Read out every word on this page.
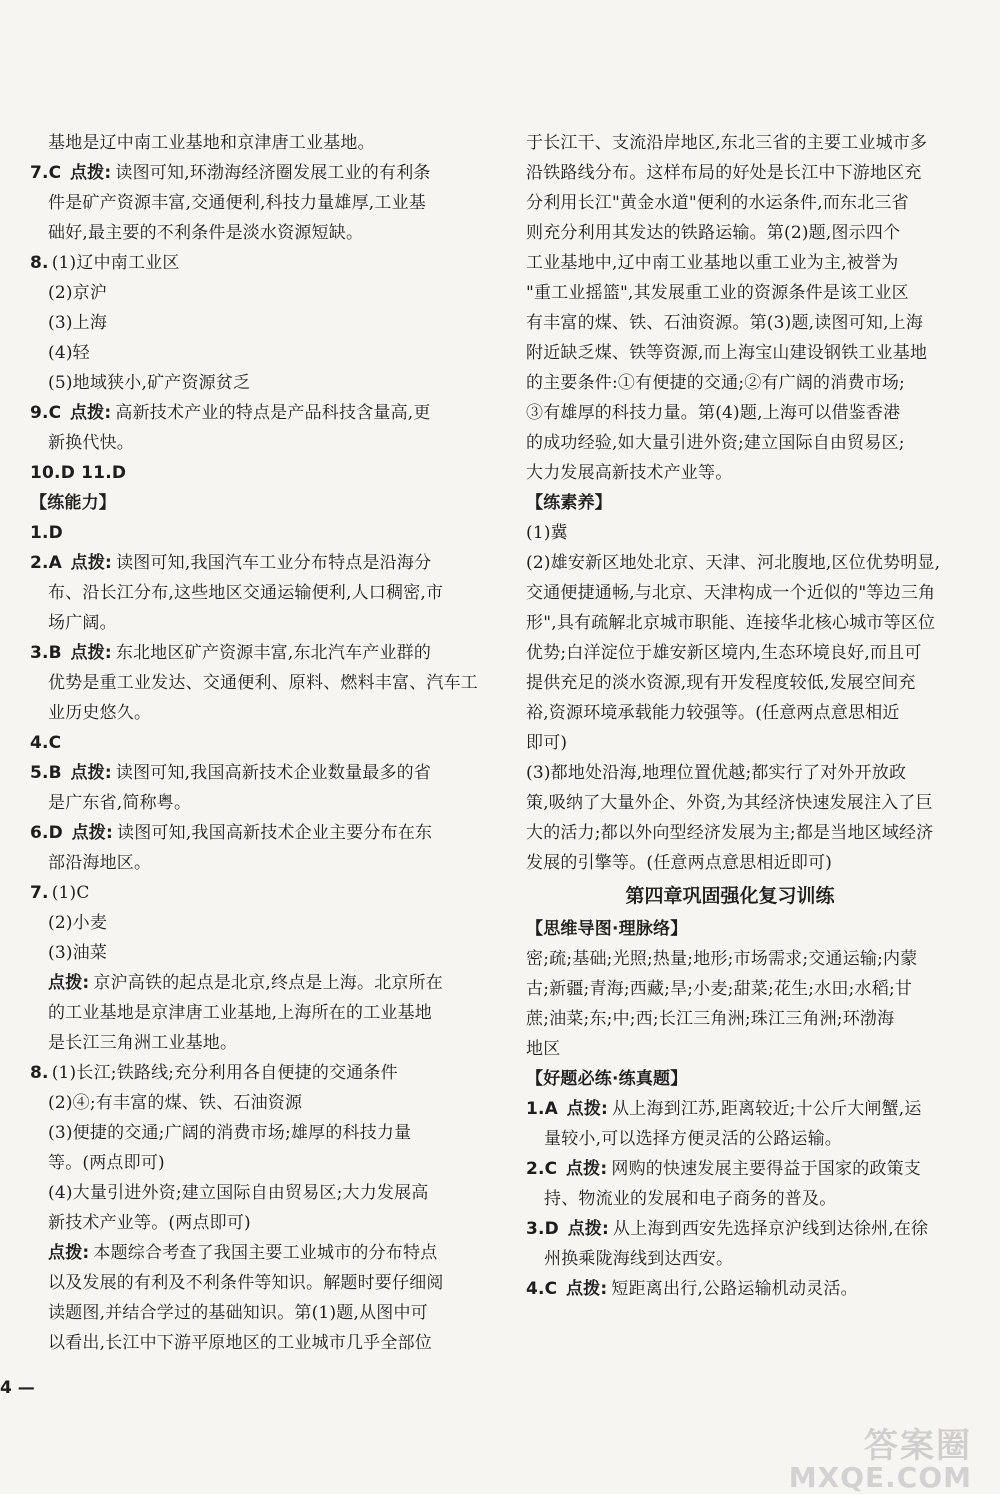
基地是辽中南工业基地和京津唐工业基地。
7.C 点拨: 读图可知,环渤海经济圈发展工业的有利条
件是矿产资源丰富,交通便利,科技力量雄厚,工业基
础好,最主要的不利条件是淡水资源短缺。
8. (1)辽中南工业区
(2)京沪
(3)上海
(4)轻
(5)地域狭小,矿产资源贫乏
9.C 点拨: 高新技术产业的特点是产品科技含量高,更
新换代快。
10.D 11.D
【练能力】
1.D
2.A 点拨: 读图可知,我国汽车工业分布特点是沿海分
布、沿长江分布,这些地区交通运输便利,人口稠密,市
场广阔。
3.B 点拨: 东北地区矿产资源丰富,东北汽车产业群的
优势是重工业发达、交通便利、原料、燃料丰富、汽车工
业历史悠久。
4.C
5.B 点拨: 读图可知,我国高新技术企业数量最多的省
是广东省,简称粤。
6.D 点拨: 读图可知,我国高新技术企业主要分布在东
部沿海地区。
7. (1)C
(2)小麦
(3)油菜
点拨: 京沪高铁的起点是北京,终点是上海。北京所在
的工业基地是京津唐工业基地,上海所在的工业基地
是长江三角洲工业基地。
8. (1)长江;铁路线;充分利用各自便捷的交通条件
(2)④;有丰富的煤、铁、石油资源
(3)便捷的交通;广阔的消费市场;雄厚的科技力量
等。(两点即可)
(4)大量引进外资;建立国际自由贸易区;大力发展高
新技术产业等。(两点即可)
点拨: 本题综合考查了我国主要工业城市的分布特点
以及发展的有利及不利条件等知识。解题时要仔细阅
读题图,并结合学过的基础知识。第(1)题,从图中可
以看出,长江中下游平原地区的工业城市几乎全部位
于长江干、支流沿岸地区,东北三省的主要工业城市多
沿铁路线分布。这样布局的好处是长江中下游地区充
分利用长江"黄金水道"便利的水运条件,而东北三省
则充分利用其发达的铁路运输。第(2)题,图示四个
工业基地中,辽中南工业基地以重工业为主,被誉为
"重工业摇篮",其发展重工业的资源条件是该工业区
有丰富的煤、铁、石油资源。第(3)题,读图可知,上海
附近缺乏煤、铁等资源,而上海宝山建设钢铁工业基地
的主要条件:①有便捷的交通;②有广阔的消费市场;
③有雄厚的科技力量。第(4)题,上海可以借鉴香港
的成功经验,如大量引进外资;建立国际自由贸易区;
大力发展高新技术产业等。
【练素养】
(1)冀
(2)雄安新区地处北京、天津、河北腹地,区位优势明显,
交通便捷通畅,与北京、天津构成一个近似的"等边三角
形",具有疏解北京城市职能、连接华北核心城市等区位
优势;白洋淀位于雄安新区境内,生态环境良好,而且可
提供充足的淡水资源,现有开发程度较低,发展空间充
裕,资源环境承载能力较强等。(任意两点意思相近
即可)
(3)都地处沿海,地理位置优越;都实行了对外开放政
策,吸纳了大量外企、外资,为其经济快速发展注入了巨
大的活力;都以外向型经济发展为主;都是当地区域经济
发展的引擎等。(任意两点意思相近即可)
第四章巩固强化复习训练
【思维导图·理脉络】
密;疏;基础;光照;热量;地形;市场需求;交通运输;内蒙
古;新疆;青海;西藏;旱;小麦;甜菜;花生;水田;水稻;甘
蔗;油菜;东;中;西;长江三角洲;珠江三角洲;环渤海
地区
【好题必练·练真题】
1.A 点拨: 从上海到江苏,距离较近;十公斤大闸蟹,运
量较小,可以选择方便灵活的公路运输。
2.C 点拨: 网购的快速发展主要得益于国家的政策支
持、物流业的发展和电子商务的普及。
3.D 点拨: 从上海到西安先选择京沪线到达徐州,在徐
州换乘陇海线到达西安。
4.C 点拨: 短距离出行,公路运输机动灵活。
4 —
答案圈
MXQE.COM
